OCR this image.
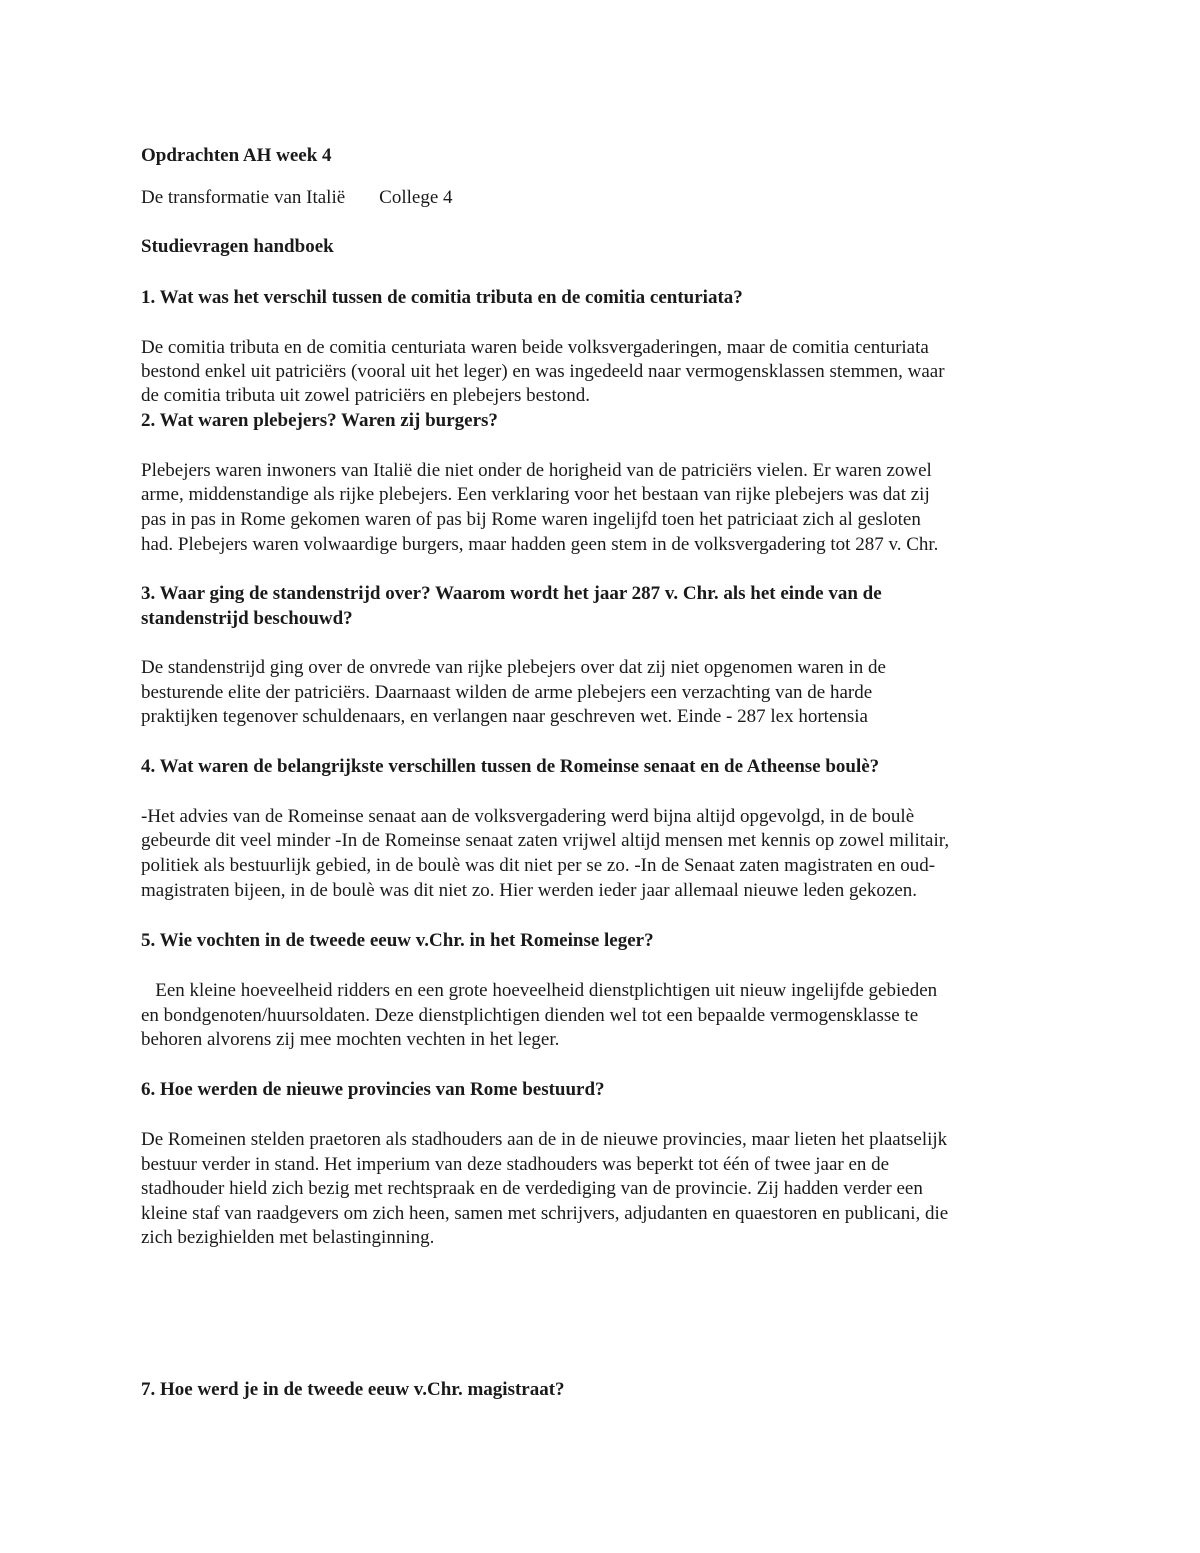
Opdrachten AH week 4

De transformatie van Italië College 4

Studievragen handboek

1. Wat was het verschil tussen de comitia tributa en de comitia centuriata?

De comitia tributa en de comitia centuriata waren beide volksvergaderingen, maar de comitia centuriata

bestond enkel uit patriciërs (vooral uit het leger) en was ingedeeld naar vermogensklassen stemmen, waar

de comitia tributa uit zowel patriciërs en plebejers bestond.

2. Wat waren plebejers? Waren zij burgers?

Plebejers waren inwoners van Italië die niet onder de horigheid van de patriciërs vielen. Er waren zowel

arme, middenstandige als rijke plebejers. Een verklaring voor het bestaan van rijke plebejers was dat zij

pas in pas in Rome gekomen waren of pas bij Rome waren ingelijfd toen het patriciaat zich al gesloten

had. Plebejers waren volwaardige burgers, maar hadden geen stem in de volksvergadering tot 287 v. Chr.

3. Waar ging de standenstrijd over? Waarom wordt het jaar 287 v. Chr. als het einde van de

standenstrijd beschouwd?

De standenstrijd ging over de onvrede van rijke plebejers over dat zij niet opgenomen waren in de

besturende elite der patriciërs. Daarnaast wilden de arme plebejers een verzachting van de harde

praktijken tegenover schuldenaars, en verlangen naar geschreven wet. Einde - 287 lex hortensia

4. Wat waren de belangrijkste verschillen tussen de Romeinse senaat en de Atheense boulè?

-Het advies van de Romeinse senaat aan de volksvergadering werd bijna altijd opgevolgd, in de boulè

gebeurde dit veel minder -In de Romeinse senaat zaten vrijwel altijd mensen met kennis op zowel militair,

politiek als bestuurlijk gebied, in de boulè was dit niet per se zo. -In de Senaat zaten magistraten en oud-

magistraten bijeen, in de boulè was dit niet zo. Hier werden ieder jaar allemaal nieuwe leden gekozen.

5. Wie vochten in de tweede eeuw v.Chr. in het Romeinse leger?

Een kleine hoeveelheid ridders en een grote hoeveelheid dienstplichtigen uit nieuw ingelijfde gebieden

en bondgenoten/huursoldaten. Deze dienstplichtigen dienden wel tot een bepaalde vermogensklasse te

behoren alvorens zij mee mochten vechten in het leger.

6. Hoe werden de nieuwe provincies van Rome bestuurd?

De Romeinen stelden praetoren als stadhouders aan de in de nieuwe provincies, maar lieten het plaatselijk

bestuur verder in stand. Het imperium van deze stadhouders was beperkt tot één of twee jaar en de

stadhouder hield zich bezig met rechtspraak en de verdediging van de provincie. Zij hadden verder een

kleine staf van raadgevers om zich heen, samen met schrijvers, adjudanten en quaestoren en publicani, die

zich bezighielden met belastinginning.

7. Hoe werd je in de tweede eeuw v.Chr. magistraat?
